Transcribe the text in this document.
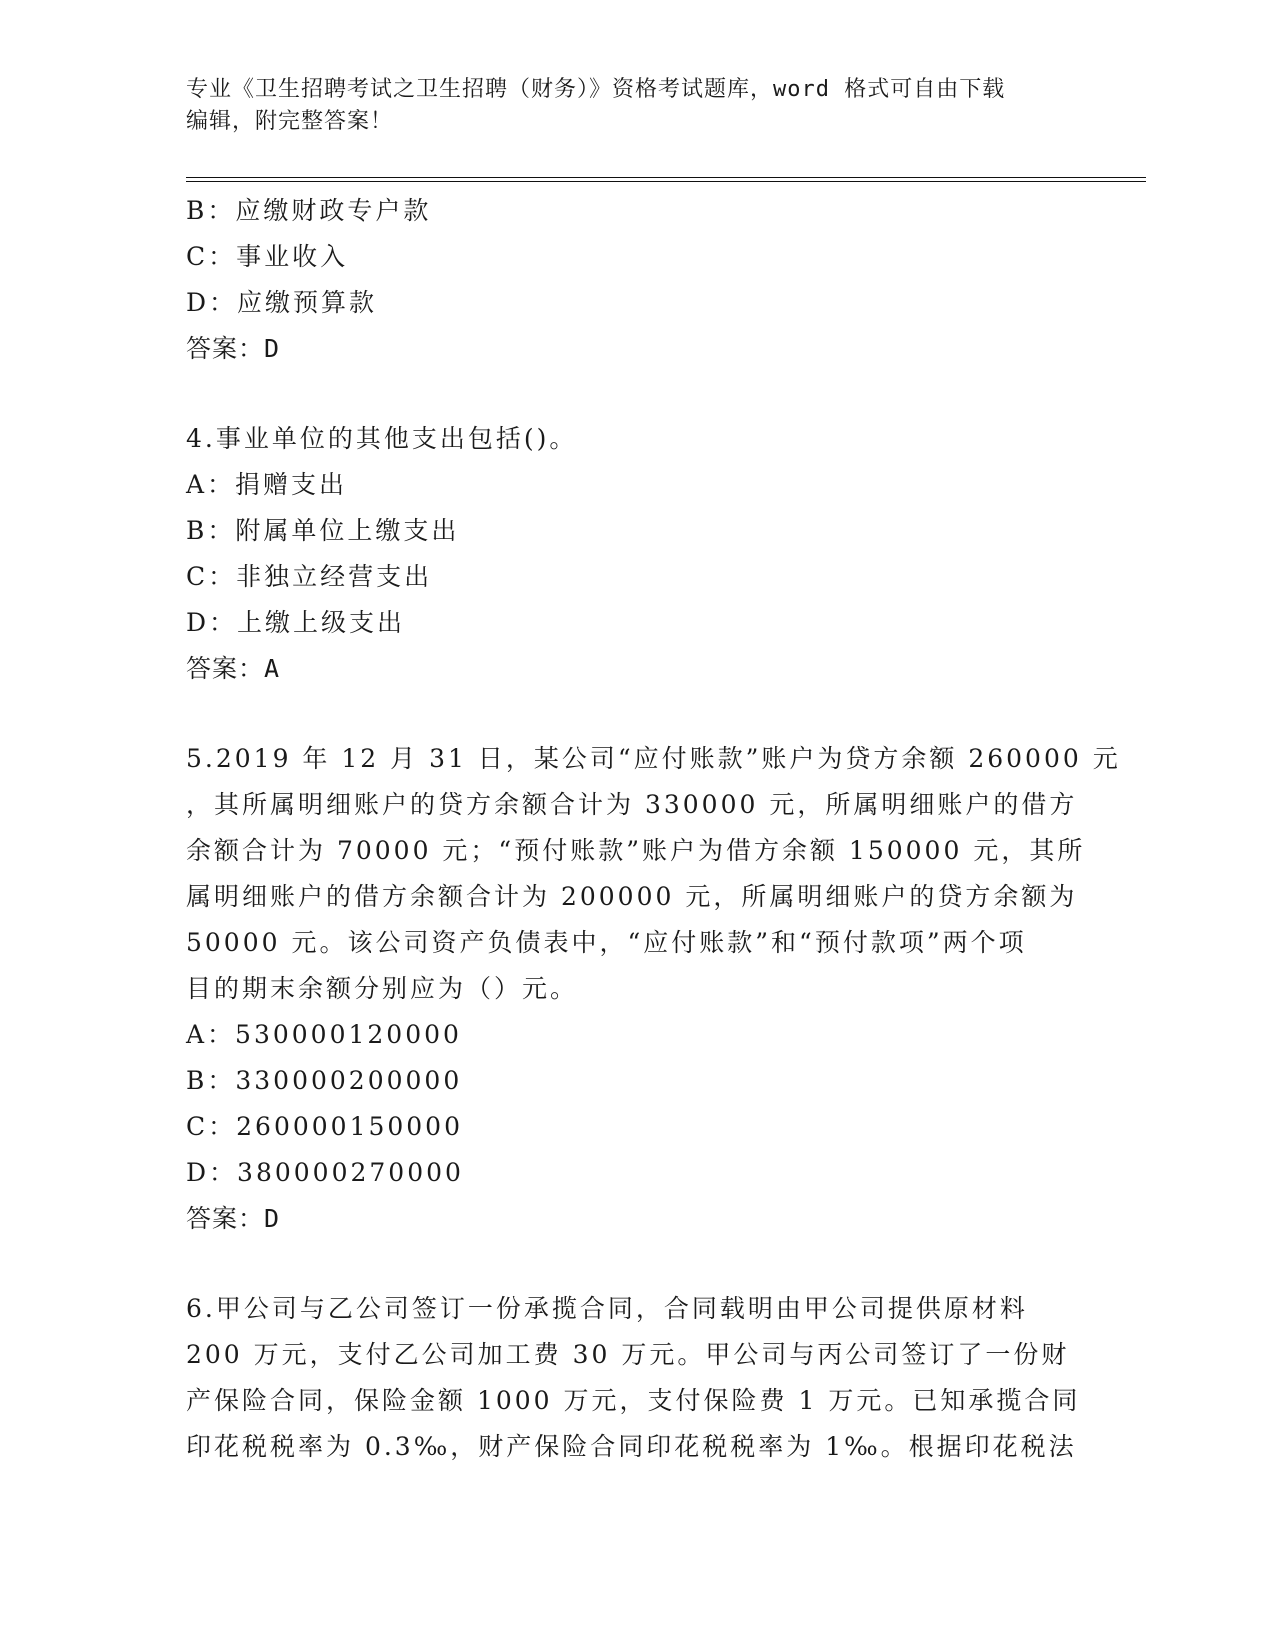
专业《卫生招聘考试之卫生招聘（财务）》资格考试题库，word 格式可自由下载
编辑，附完整答案！
B：应缴财政专户款
C：事业收入
D：应缴预算款
答案：D
4.事业单位的其他支出包括()。
A：捐赠支出
B：附属单位上缴支出
C：非独立经营支出
D：上缴上级支出
答案：A
5.2019 年 12 月 31 日，某公司“应付账款”账户为贷方余额 260000 元
，其所属明细账户的贷方余额合计为 330000 元，所属明细账户的借方
余额合计为 70000 元；“预付账款”账户为借方余额 150000 元，其所
属明细账户的借方余额合计为 200000 元，所属明细账户的贷方余额为
50000 元。该公司资产负债表中，“应付账款”和“预付款项”两个项
目的期末余额分别应为（）元。
A：530000120000
B：330000200000
C：260000150000
D：380000270000
答案：D
6.甲公司与乙公司签订一份承揽合同，合同载明由甲公司提供原材料
200 万元，支付乙公司加工费 30 万元。甲公司与丙公司签订了一份财
产保险合同，保险金额 1000 万元，支付保险费 1 万元。已知承揽合同
印花税税率为 0.3‰，财产保险合同印花税税率为 1‰。根据印花税法
